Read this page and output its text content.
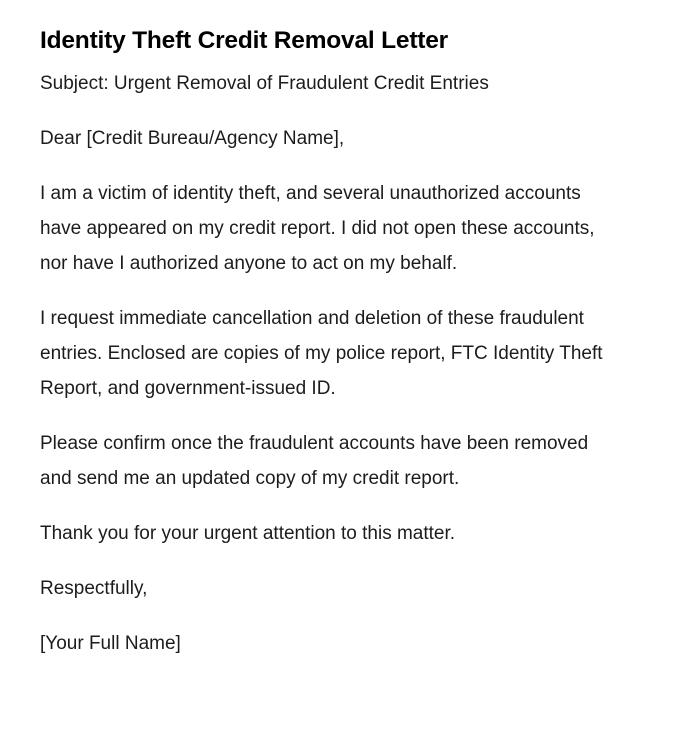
Identity Theft Credit Removal Letter

Subject: Urgent Removal of Fraudulent Credit Entries

Dear [Credit Bureau/Agency Name],

I am a victim of identity theft, and several unauthorized accounts have appeared on my credit report. I did not open these accounts, nor have I authorized anyone to act on my behalf.

I request immediate cancellation and deletion of these fraudulent entries. Enclosed are copies of my police report, FTC Identity Theft Report, and government-issued ID.

Please confirm once the fraudulent accounts have been removed and send me an updated copy of my credit report.

Thank you for your urgent attention to this matter.

Respectfully,

[Your Full Name]
